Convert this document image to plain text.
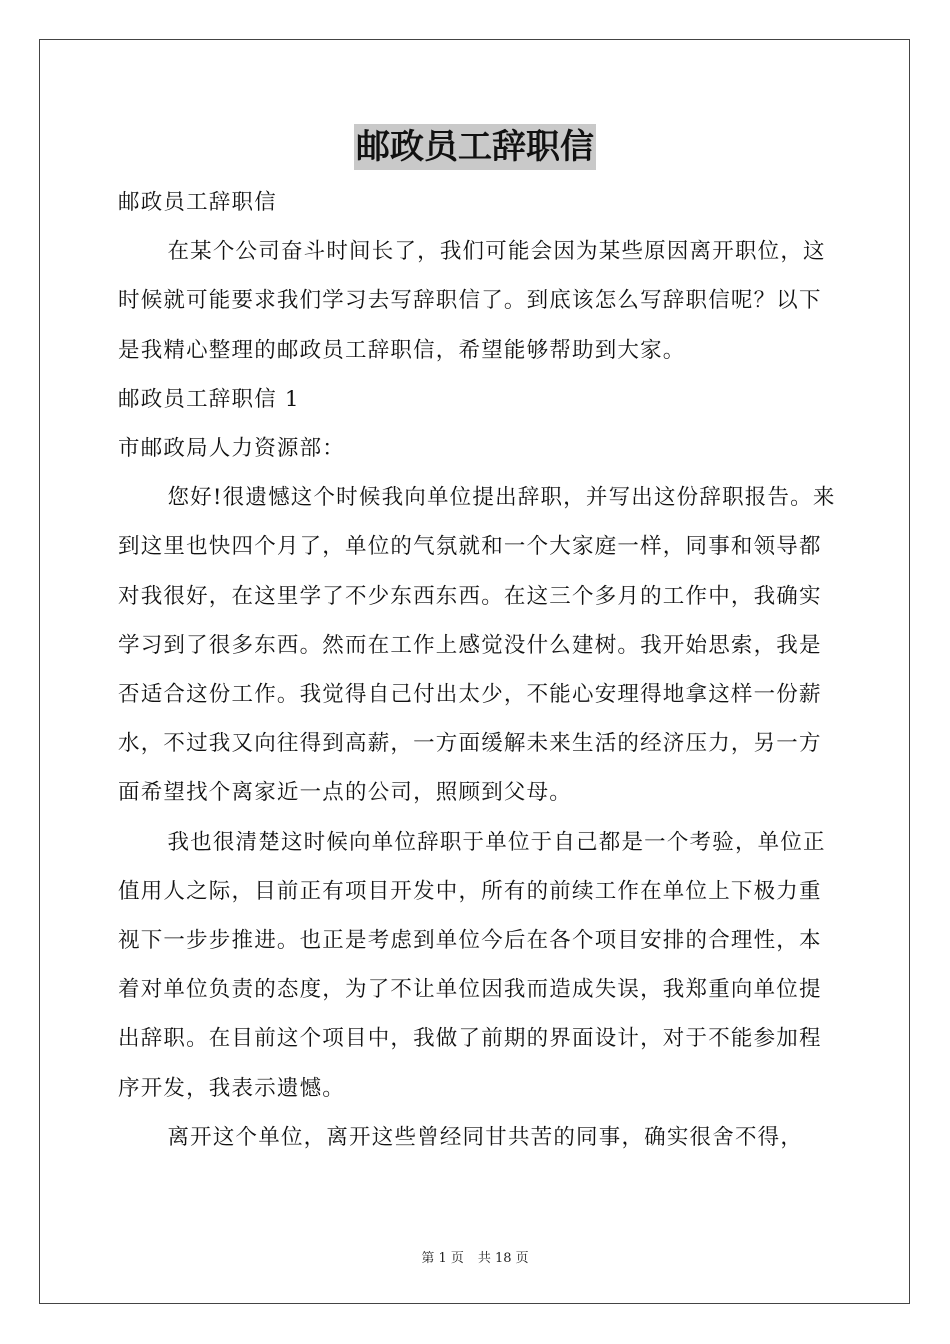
邮政员工辞职信

邮政员工辞职信

在某个公司奋斗时间长了，我们可能会因为某些原因离开职位，这时候就可能要求我们学习去写辞职信了。到底该怎么写辞职信呢？以下是我精心整理的邮政员工辞职信，希望能够帮助到大家。

邮政员工辞职信 1

市邮政局人力资源部：

您好!很遗憾这个时候我向单位提出辞职，并写出这份辞职报告。来到这里也快四个月了，单位的气氛就和一个大家庭一样，同事和领导都对我很好，在这里学了不少东西东西。在这三个多月的工作中，我确实学习到了很多东西。然而在工作上感觉没什么建树。我开始思索，我是否适合这份工作。我觉得自己付出太少，不能心安理得地拿这样一份薪水，不过我又向往得到高薪，一方面缓解未来生活的经济压力，另一方面希望找个离家近一点的公司，照顾到父母。

我也很清楚这时候向单位辞职于单位于自己都是一个考验，单位正值用人之际，目前正有项目开发中，所有的前续工作在单位上下极力重视下一步步推进。也正是考虑到单位今后在各个项目安排的合理性，本着对单位负责的态度，为了不让单位因我而造成失误，我郑重向单位提出辞职。在目前这个项目中，我做了前期的界面设计，对于不能参加程序开发，我表示遗憾。

离开这个单位，离开这些曾经同甘共苦的同事，确实很舍不得，

第 1 页 共 18 页
